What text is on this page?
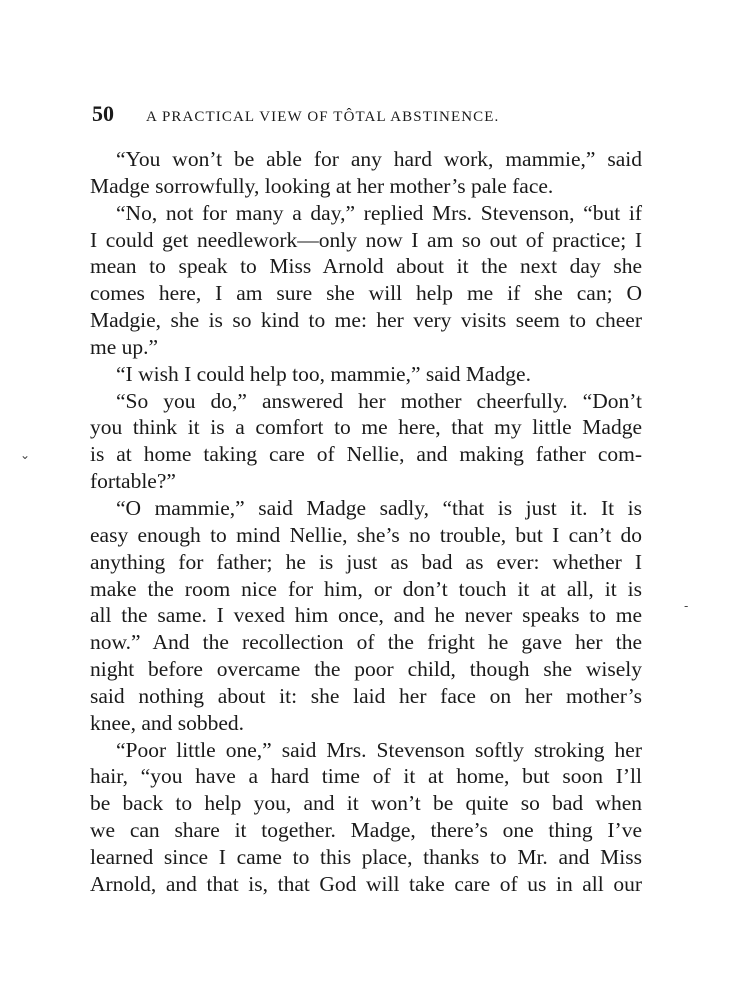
50	A PRACTICAL VIEW OF TÔTAL ABSTINENCE.
“You won’t be able for any hard work, mammie,” said
Madge sorrowfully, looking at her mother’s pale face.
“No, not for many a day,” replied Mrs. Stevenson, “but if
I could get needlework—only now I am so out of practice; I
mean to speak to Miss Arnold about it the next day she
comes here, I am sure she will help me if she can; O
Madgie, she is so kind to me: her very visits seem to cheer
me up.”
“I wish I could help too, mammie,” said Madge.
“So you do,” answered her mother cheerfully. “Don’t
you think it is a comfort to me here, that my little Madge
is at home taking care of Nellie, and making father com-
fortable?”
“O mammie,” said Madge sadly, “that is just it. It is
easy enough to mind Nellie, she’s no trouble, but I can’t do
anything for father; he is just as bad as ever: whether I
make the room nice for him, or don’t touch it at all, it is
all the same. I vexed him once, and he never speaks to me
now.” And the recollection of the fright he gave her the
night before overcame the poor child, though she wisely
said nothing about it: she laid her face on her mother’s
knee, and sobbed.
“Poor little one,” said Mrs. Stevenson softly stroking her
hair, “you have a hard time of it at home, but soon I’ll
be back to help you, and it won’t be quite so bad when
we can share it together. Madge, there’s one thing I’ve
learned since I came to this place, thanks to Mr. and Miss
Arnold, and that is, that God will take care of us in all our
⌄
‐
